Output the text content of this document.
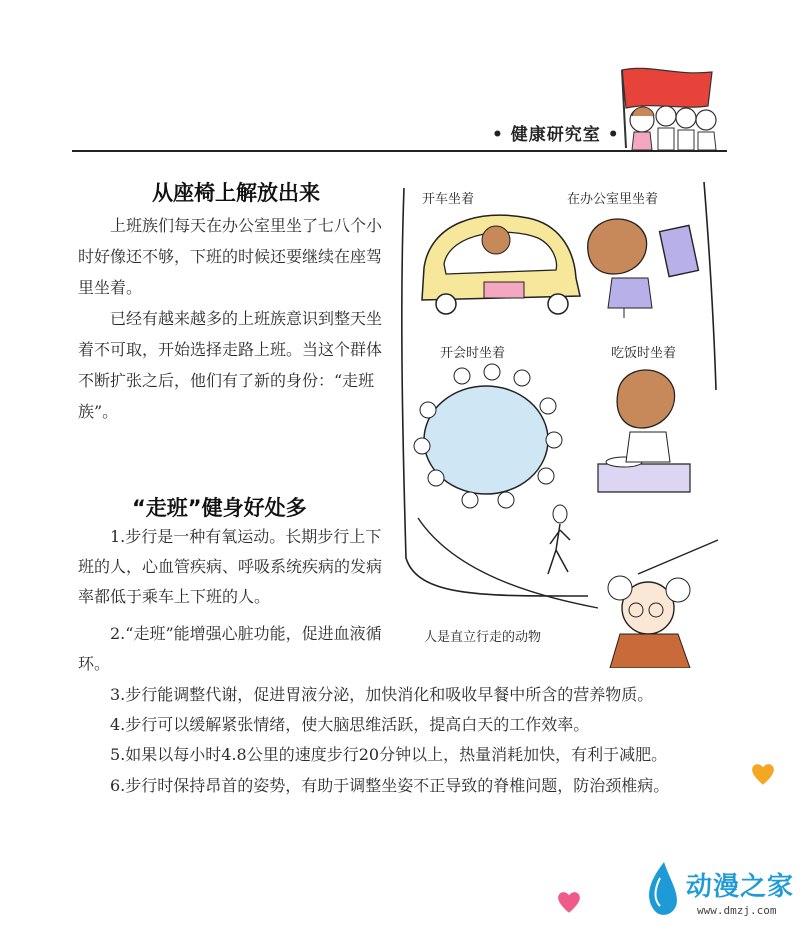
• 健康研究室 •
从座椅上解放出来
上班族们每天在办公室里坐了七八个小时好像还不够，下班的时候还要继续在座驾里坐着。
已经有越来越多的上班族意识到整天坐着不可取，开始选择走路上班。当这个群体不断扩张之后，他们有了新的身份：“走班族”。
“走班”健身好处多
1.步行是一种有氧运动。长期步行上下班的人，心血管疾病、呼吸系统疾病的发病率都低于乘车上下班的人。
2.“走班”能增强心脏功能，促进血液循环。
3.步行能调整代谢，促进胃液分泌，加快消化和吸收早餐中所含的营养物质。
4.步行可以缓解紧张情绪，使大脑思维活跃，提高白天的工作效率。
5.如果以每小时4.8公里的速度步行20分钟以上，热量消耗加快，有利于减肥。
6.步行时保持昂首的姿势，有助于调整坐姿不正导致的脊椎问题，防治颈椎病。
开车坐着	在办公室里坐着
开会时坐着	吃饭时坐着
人是直立行走的动物
动漫之家
www.dmzj.com
